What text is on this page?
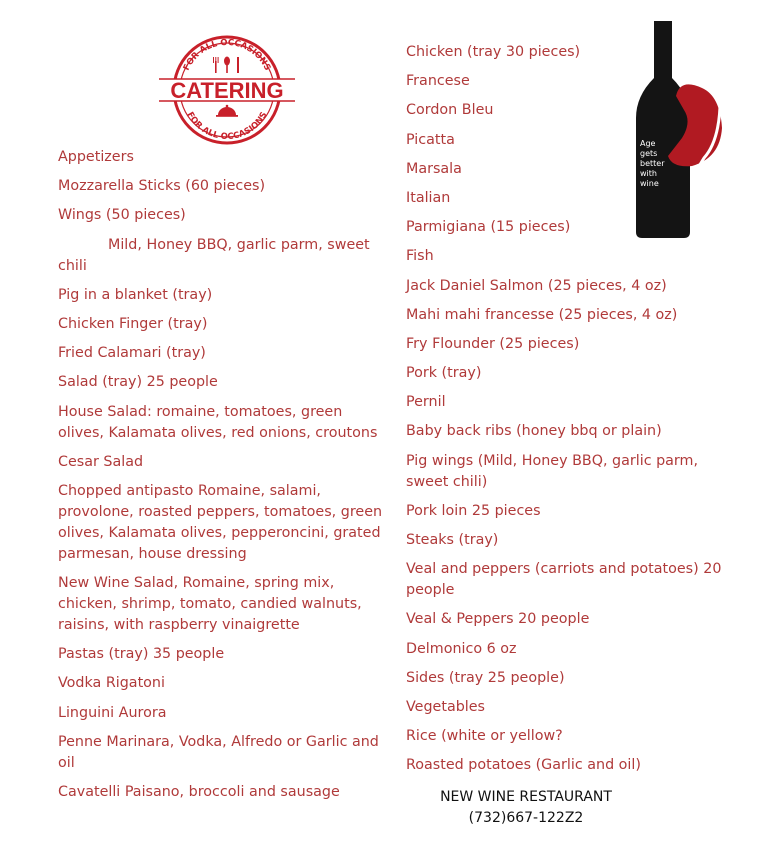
FOR ALL OCCASIONS
FOR ALL OCCASIONS
CATERING
Age gets better with wine
Appetizers
Mozzarella Sticks (60 pieces)
Wings (50 pieces)
Mild, Honey BBQ, garlic parm, sweet chili
Pig in a blanket (tray)
Chicken Finger (tray)
Fried Calamari (tray)
Salad (tray) 25 people
House Salad: romaine, tomatoes, green olives, Kalamata olives, red onions, croutons
Cesar Salad
Chopped antipasto Romaine, salami, provolone, roasted peppers, tomatoes, green olives, Kalamata olives, pepperoncini, grated parmesan, house dressing
New Wine Salad, Romaine, spring mix, chicken, shrimp, tomato, candied walnuts, raisins, with raspberry vinaigrette
Pastas (tray) 35 people
Vodka Rigatoni
Linguini Aurora
Penne Marinara, Vodka, Alfredo or Garlic and oil
Cavatelli Paisano, broccoli and sausage
Chicken (tray 30 pieces)
Francese
Cordon Bleu
Picatta
Marsala
Italian
Parmigiana (15 pieces)
Fish
Jack Daniel Salmon (25 pieces, 4 oz)
Mahi mahi francesse (25 pieces, 4 oz)
Fry Flounder (25 pieces)
Pork (tray)
Pernil
Baby back ribs (honey bbq or plain)
Pig wings (Mild, Honey BBQ, garlic parm, sweet chili)
Pork loin 25 pieces
Steaks (tray)
Veal and peppers (carriots and potatoes) 20 people
Veal & Peppers 20 people
Delmonico 6 oz
Sides (tray 25 people)
Vegetables
Rice (white or yellow?
Roasted potatoes (Garlic and oil)
NEW WINE RESTAURANT
(732)667-122Z2
